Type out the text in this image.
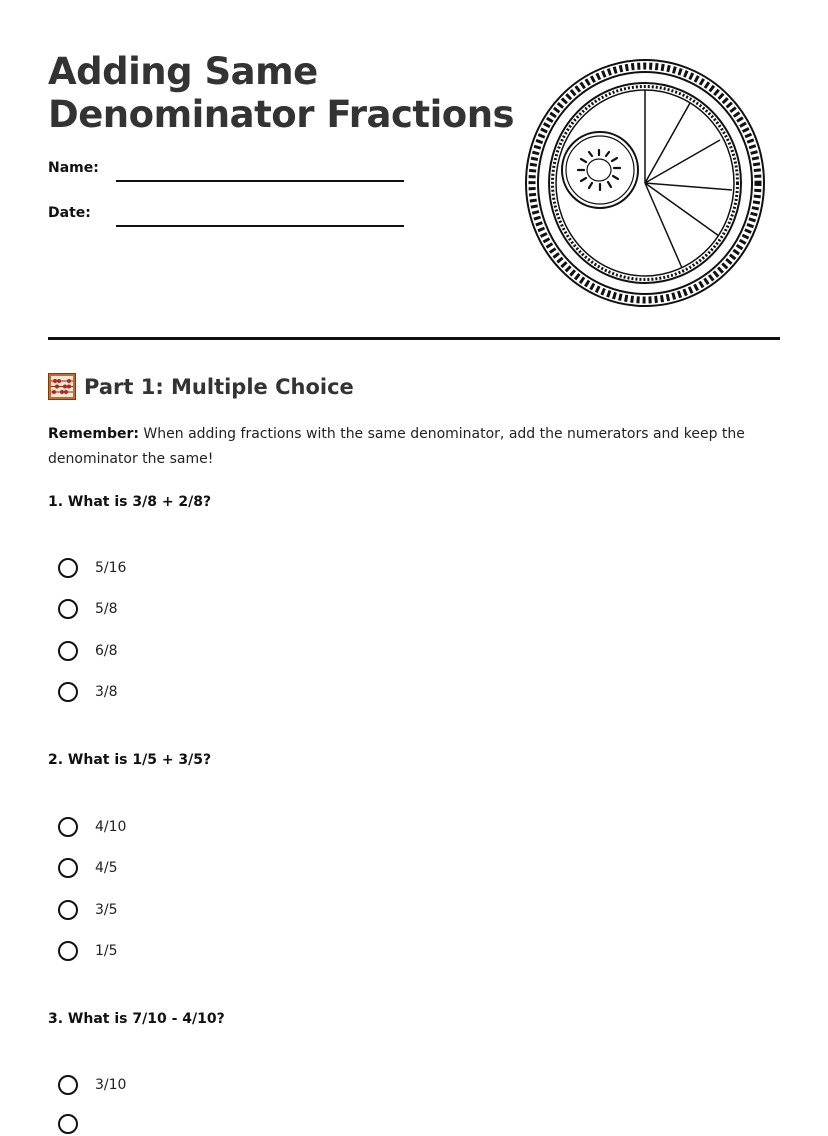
Adding Same
Denominator Fractions
Name:
Date:
Part 1: Multiple Choice

Remember: When adding fractions with the same denominator, add the numerators and keep the denominator the same!

1. What is 3/8 + 2/8?

5/16
5/8
6/8
3/8

2. What is 1/5 + 3/5?

4/10
4/5
3/5
1/5

3. What is 7/10 - 4/10?

3/10
